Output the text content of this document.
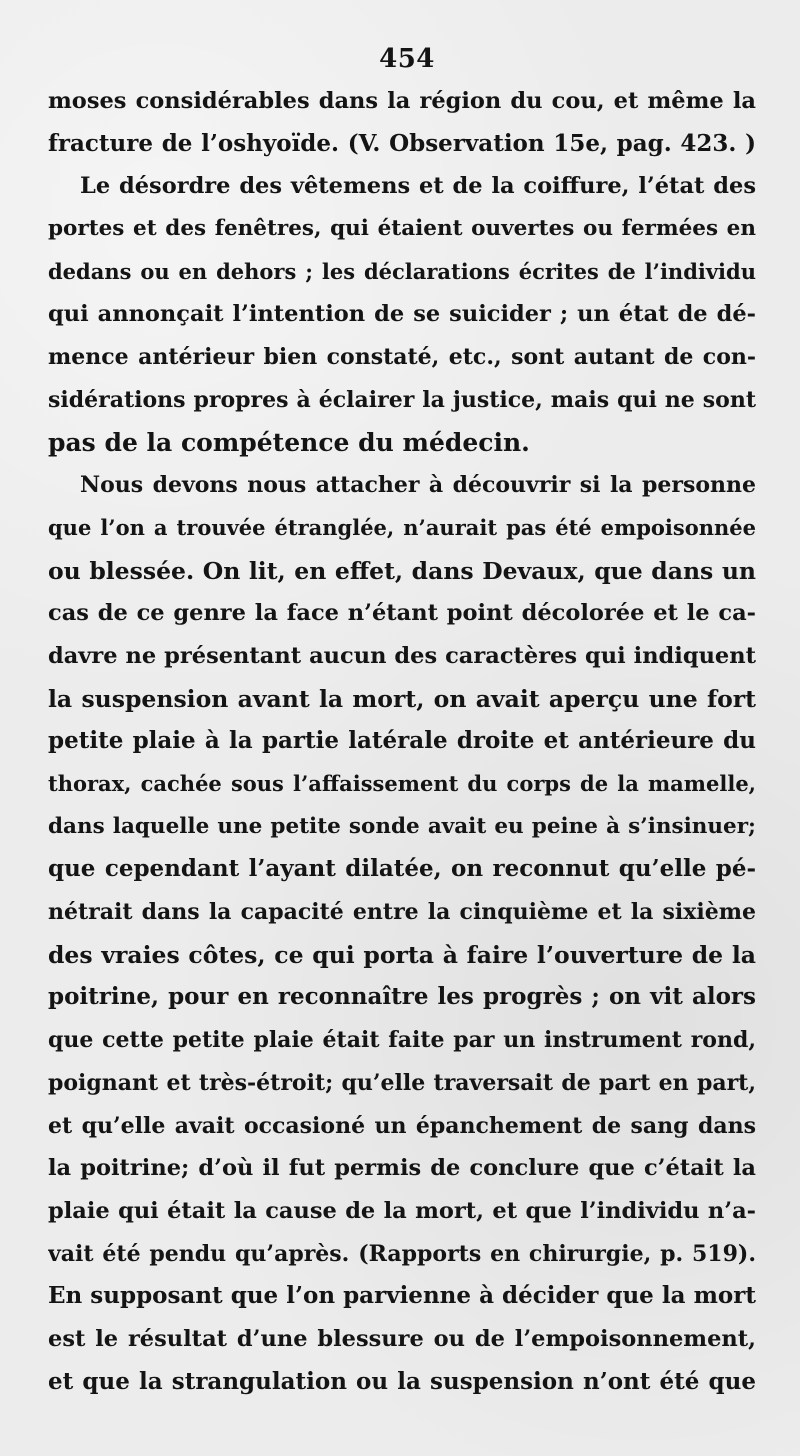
454
moses considérables dans la région du cou, et même la
fracture de l’oshyoïde. (V. Observation 15e, pag. 423. )
Le désordre des vêtemens et de la coiffure, l’état des
portes et des fenêtres, qui étaient ouvertes ou fermées en
dedans ou en dehors ; les déclarations écrites de l’individu
qui annonçait l’intention de se suicider ; un état de dé-
mence antérieur bien constaté, etc., sont autant de con-
sidérations propres à éclairer la justice, mais qui ne sont
pas de la compétence du médecin.
Nous devons nous attacher à découvrir si la personne
que l’on a trouvée étranglée, n’aurait pas été empoisonnée
ou blessée. On lit, en effet, dans Devaux, que dans un
cas de ce genre la face n’étant point décolorée et le ca-
davre ne présentant aucun des caractères qui indiquent
la suspension avant la mort, on avait aperçu une fort
petite plaie à la partie latérale droite et antérieure du
thorax, cachée sous l’affaissement du corps de la mamelle,
dans laquelle une petite sonde avait eu peine à s’insinuer;
que cependant l’ayant dilatée, on reconnut qu’elle pé-
nétrait dans la capacité entre la cinquième et la sixième
des vraies côtes, ce qui porta à faire l’ouverture de la
poitrine, pour en reconnaître les progrès ; on vit alors
que cette petite plaie était faite par un instrument rond,
poignant et très-étroit; qu’elle traversait de part en part,
et qu’elle avait occasioné un épanchement de sang dans
la poitrine; d’où il fut permis de conclure que c’était la
plaie qui était la cause de la mort, et que l’individu n’a-
vait été pendu qu’après. (Rapports en chirurgie, p. 519).
En supposant que l’on parvienne à décider que la mort
est le résultat d’une blessure ou de l’empoisonnement,
et que la strangulation ou la suspension n’ont été que
